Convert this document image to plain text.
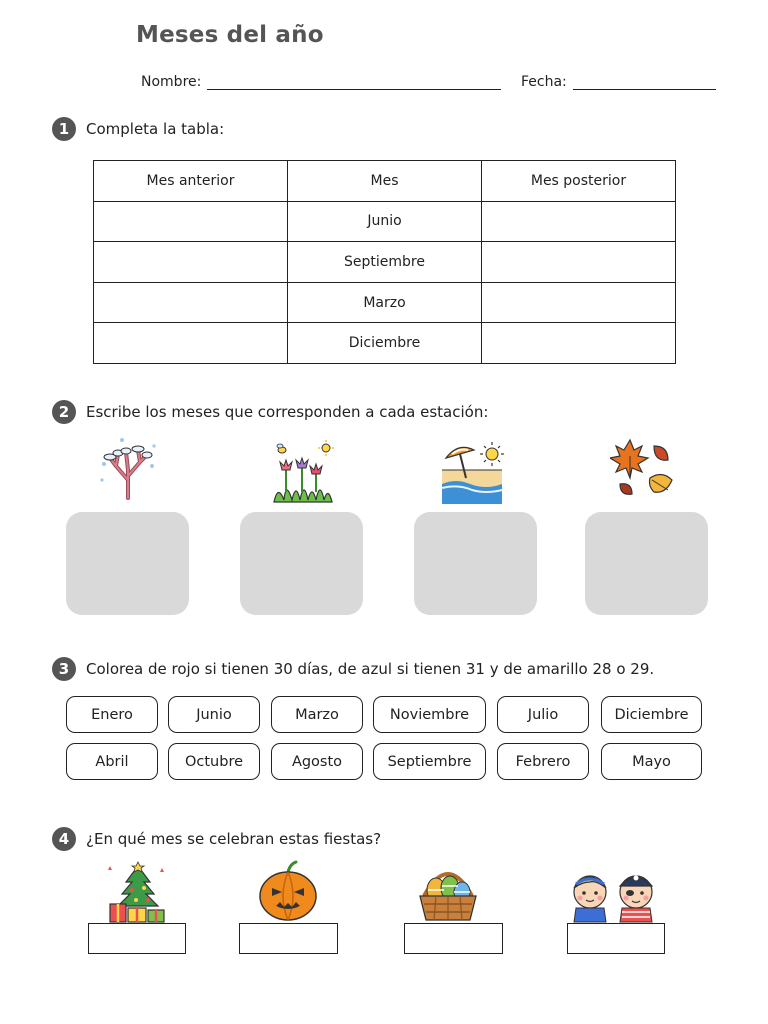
Meses del año
Nombre:	Fecha:
1	Completa la tabla:
Mes anterior	Mes	Mes posterior
	Junio	
	Septiembre	
	Marzo	
	Diciembre	
2	Escribe los meses que corresponden a cada estación:
3	Colorea de rojo si tienen 30 días, de azul si tienen 31 y de amarillo 28 o 29.
Enero	Junio	Marzo	Noviembre	Julio	Diciembre
Abril	Octubre	Agosto	Septiembre	Febrero	Mayo
4	¿En qué mes se celebran estas fiestas?
